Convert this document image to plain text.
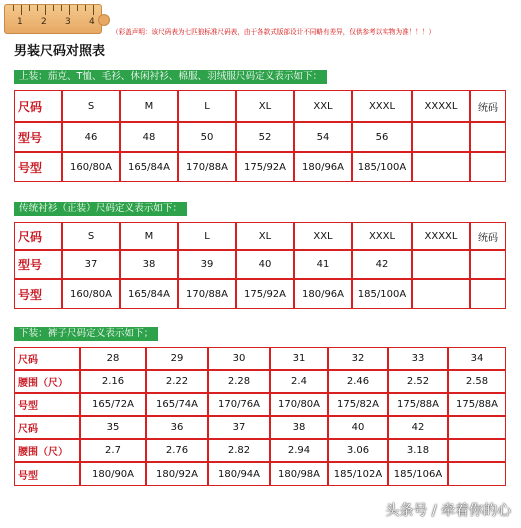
1 2 3 4
（彩盖声明：该尺码表为七匹狼标准尺码表，由于各款式版部设计不同略有差异，仅供参考以实物为准！！！）
男装尺码对照表
上装：茄克、T恤、毛衫、休闲衬衫、棉服、羽绒服尺码定义表示如下：
尺码	S	M	L	XL	XXL	XXXL	XXXXL	统码
型号	46	48	50	52	54	56		
号型	160/80A	165/84A	170/88A	175/92A	180/96A	185/100A		
传统衬衫（正装）尺码定义表示如下：
尺码	S	M	L	XL	XXL	XXXL	XXXXL	统码
型号	37	38	39	40	41	42		
号型	160/80A	165/84A	170/88A	175/92A	180/96A	185/100A		
下装：裤子尺码定义表示如下；
尺码	28	29	30	31	32	33	34
腰围（尺）	2.16	2.22	2.28	2.4	2.46	2.52	2.58
号型	165/72A	165/74A	170/76A	170/80A	175/82A	175/88A	175/88A
尺码	35	36	37	38	40	42	
腰围（尺）	2.7	2.76	2.82	2.94	3.06	3.18	
号型	180/90A	180/92A	180/94A	180/98A	185/102A	185/106A	
头条号 / 牵着你的心
